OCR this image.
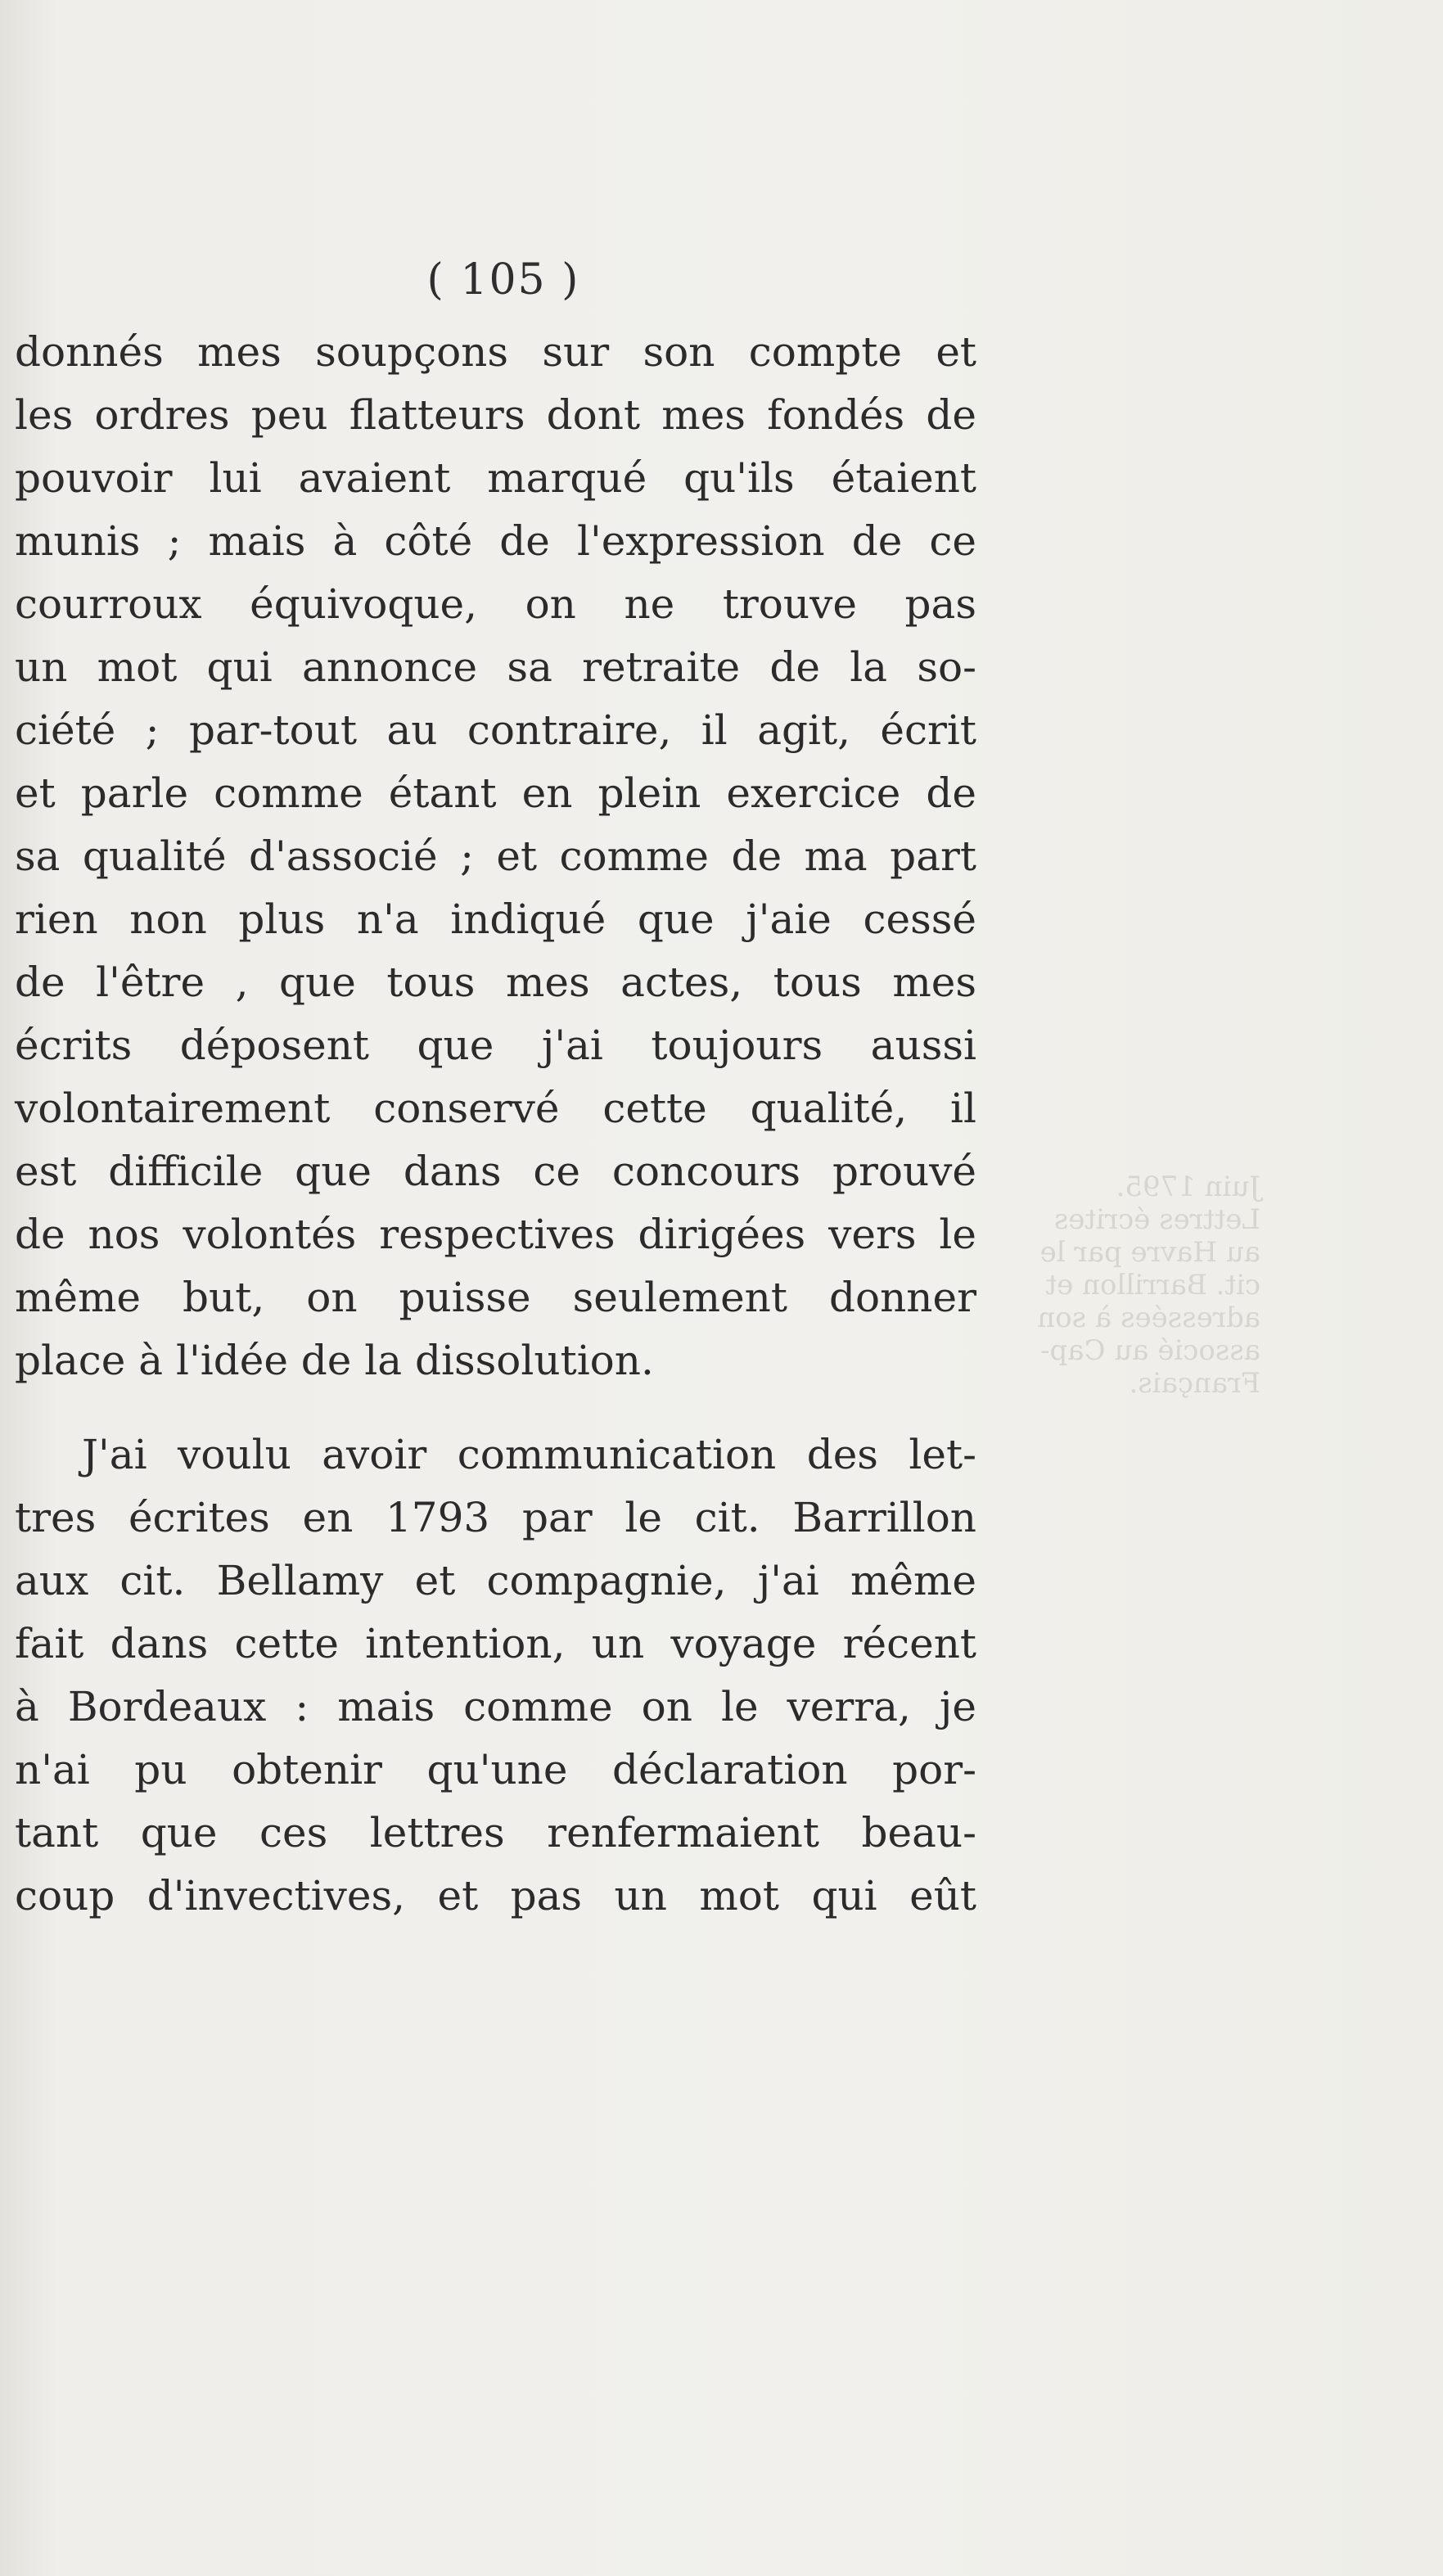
( 105 )
donnés mes soupçons sur son compte et
les ordres peu flatteurs dont mes fondés de
pouvoir lui avaient marqué qu'ils étaient
munis ; mais à côté de l'expression de ce
courroux équivoque, on ne trouve pas
un mot qui annonce sa retraite de la so-
ciété ; par-tout au contraire, il agit, écrit
et parle comme étant en plein exercice de
sa qualité d'associé ; et comme de ma part
rien non plus n'a indiqué que j'aie cessé
de l'être , que tous mes actes, tous mes
écrits déposent que j'ai toujours aussi
volontairement conservé cette qualité, il
est difficile que dans ce concours prouvé
de nos volontés respectives dirigées vers le
même but, on puisse seulement donner
place à l'idée de la dissolution.
J'ai voulu avoir communication des let-
tres écrites en 1793 par le cit. Barrillon
aux cit. Bellamy et compagnie, j'ai même
fait dans cette intention, un voyage récent
à Bordeaux : mais comme on le verra, je
n'ai pu obtenir qu'une déclaration por-
tant que ces lettres renfermaient beau-
coup d'invectives, et pas un mot qui eût
Juin 1795.
Lettres écrites
au Havre par le
cit. Barrillon et
adressées à son
associé au Cap-
Français.
